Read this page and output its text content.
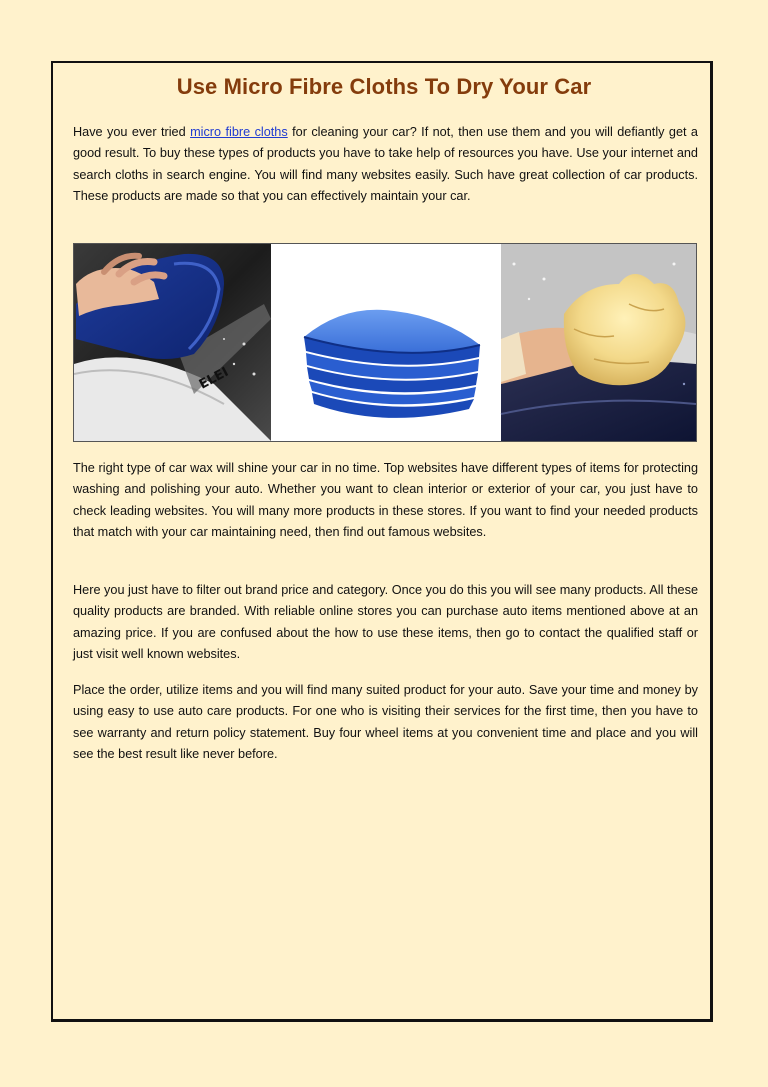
Use Micro Fibre Cloths To Dry Your Car

Have you ever tried micro fibre cloths for cleaning your car? If not, then use them and you will defiantly get a good result. To buy these types of products you have to take help of resources you have. Use your internet and search cloths in search engine. You will find many websites easily. Such have great collection of car products. These products are made so that you can effectively maintain your car.

ELEI

The right type of car wax will shine your car in no time. Top websites have different types of items for protecting washing and polishing your auto. Whether you want to clean interior or exterior of your car, you just have to check leading websites. You will many more products in these stores. If you want to find your needed products that match with your car maintaining need, then find out famous websites.

Here you just have to filter out brand price and category. Once you do this you will see many products. All these quality products are branded. With reliable online stores you can purchase auto items mentioned above at an amazing price. If you are confused about the how to use these items, then go to contact the qualified staff or just visit well known websites.

Place the order, utilize items and you will find many suited product for your auto. Save your time and money by using easy to use auto care products. For one who is visiting their services for the first time, then you have to see warranty and return policy statement. Buy four wheel items at you convenient time and place and you will see the best result like never before.
